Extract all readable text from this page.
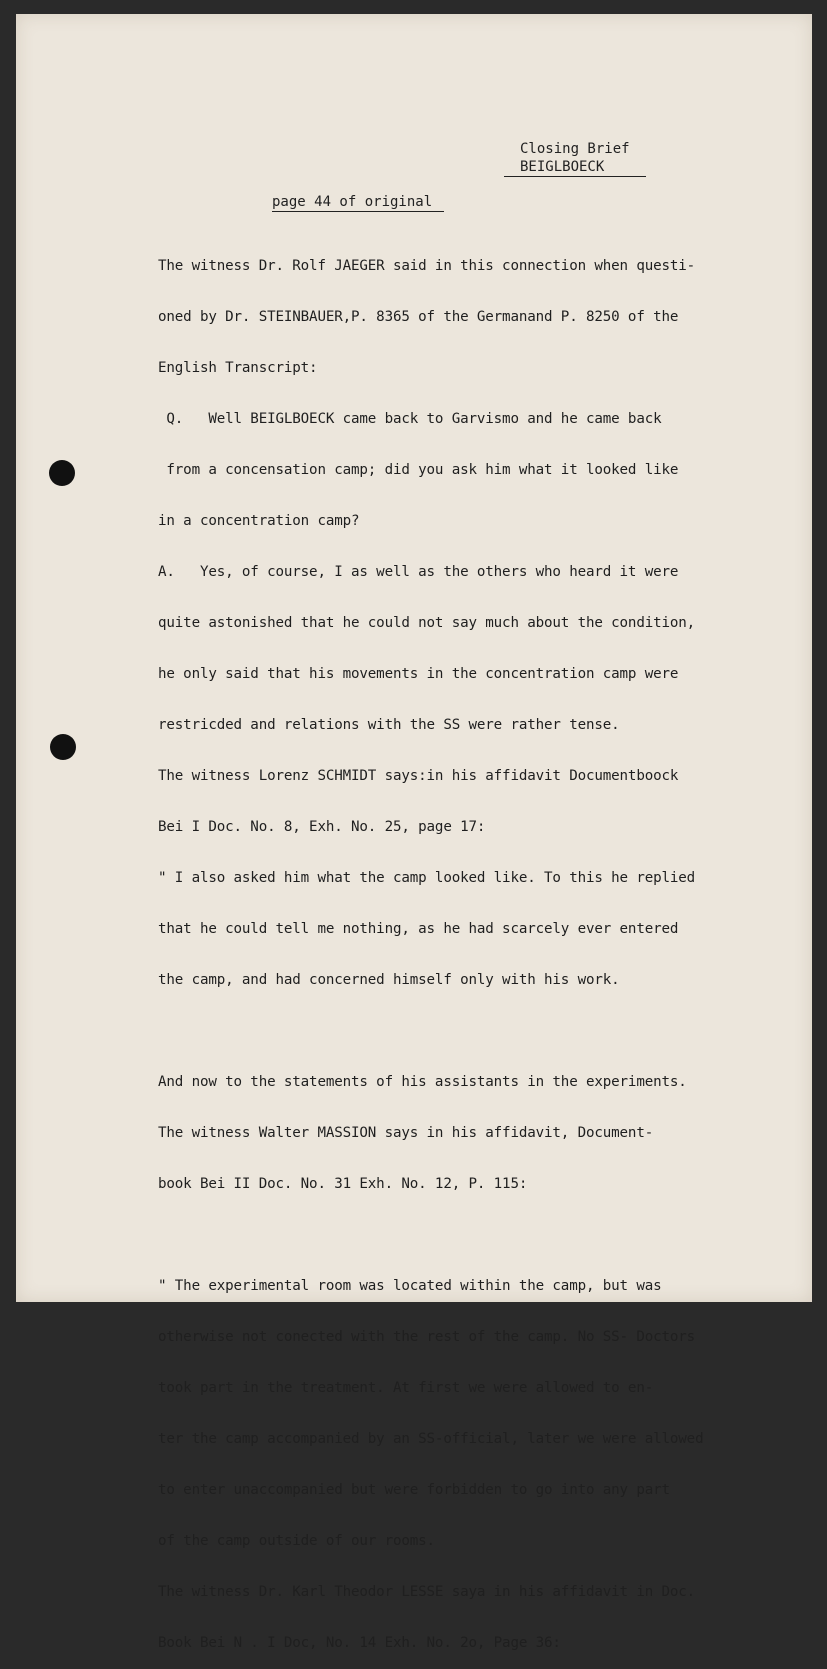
Closing Brief
BEIGLBOECK
page 44 of original

The witness Dr. Rolf JAEGER said in this connection when questi-

oned by Dr. STEINBAUER,P. 8365 of the Germanand P. 8250 of the

English Transcript:

Q.   Well BEIGLBOECK came back to Garvismo and he came back

from a concensation camp; did you ask him what it looked like

in a concentration camp?

A.   Yes, of course, I as well as the others who heard it were

quite astonished that he could not say much about the condition,

he only said that his movements in the concentration camp were

restricded and relations with the SS were rather tense.

The witness Lorenz SCHMIDT says:in his affidavit Documentboock

Bei I Doc. No. 8, Exh. No. 25, page 17:

" I also asked him what the camp looked like. To this he replied

that he could tell me nothing, as he had scarcely ever entered

the camp, and had concerned himself only with his work.

And now to the statements of his assistants in the experiments.

The witness Walter MASSION says in his affidavit, Document-

book Bei II Doc. No. 31 Exh. No. 12, P. 115:

" The experimental room was located within the camp, but was

otherwise not conected with the rest of the camp. No SS- Doctors

took part in the treatment. At first we were allowed to en-

ter the camp accompanied by an SS-official, later we were allowed

to enter unaccompanied but were forbidden to go into any part

of the camp outside of our rooms.

The witness Dr. Karl Theodor LESSE saya in his affidavit in Doc.

Book Bei N . I Doc, No. 14 Exh. No. 2o, Page 36:
